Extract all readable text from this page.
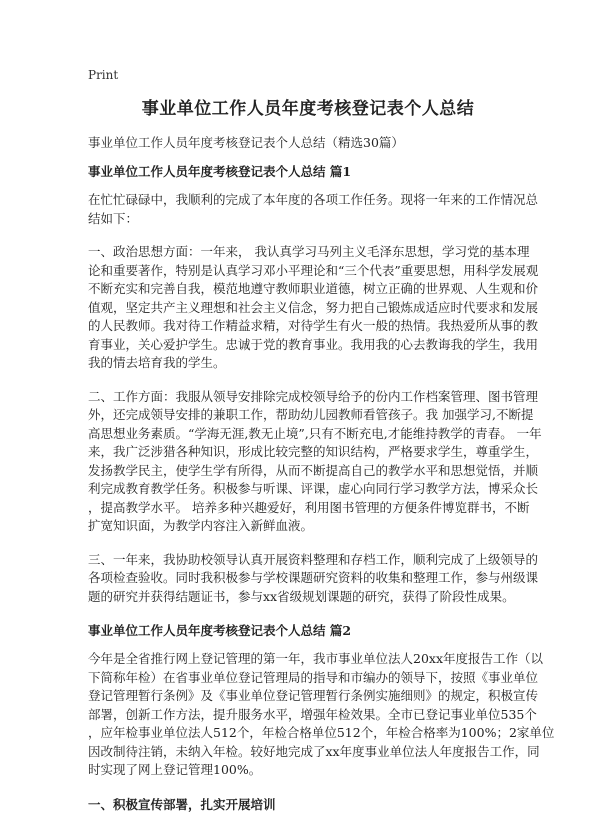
Print
事业单位工作人员年度考核登记表个人总结
事业单位工作人员年度考核登记表个人总结（精选30篇）
事业单位工作人员年度考核登记表个人总结 篇1
在忙忙碌碌中，我顺利的完成了本年度的各项工作任务。现将一年来的工作情况总
结如下：
一、政治思想方面：一年来， 我认真学习马列主义毛泽东思想，学习党的基本理
论和重要著作，特别是认真学习邓小平理论和“三个代表”重要思想，用科学发展观
不断充实和完善自我，模范地遵守教师职业道德，树立正确的世界观、人生观和价
值观，坚定共产主义理想和社会主义信念，努力把自己锻炼成适应时代要求和发展
的人民教师。我对待工作精益求精，对待学生有火一般的热情。我热爱所从事的教
育事业，关心爱护学生。忠诚于党的教育事业。我用我的心去教诲我的学生，我用
我的情去培育我的学生。
二、工作方面：我服从领导安排除完成校领导给予的份内工作档案管理、图书管理
外，还完成领导安排的兼职工作，帮助幼儿园教师看管孩子。我 加强学习,不断提
高思想业务素质。“学海无涯,教无止境”,只有不断充电,才能维持教学的青春。 一年
来，我广泛涉猎各种知识，形成比较完整的知识结构，严格要求学生，尊重学生，
发扬教学民主，使学生学有所得，从而不断提高自己的教学水平和思想觉悟，并顺
利完成教育教学任务。积极参与听课、评课，虚心向同行学习教学方法，博采众长
，提高教学水平。 培养多种兴趣爱好，利用图书管理的方便条件博览群书，不断
扩宽知识面，为教学内容注入新鲜血液。
三、一年来，我协助校领导认真开展资料整理和存档工作，顺利完成了上级领导的
各项检查验收。同时我积极参与学校课题研究资料的收集和整理工作，参与州级课
题的研究并获得结题证书，参与xx省级规划课题的研究，获得了阶段性成果。
事业单位工作人员年度考核登记表个人总结 篇2
今年是全省推行网上登记管理的第一年，我市事业单位法人20xx年度报告工作（以
下简称年检）在省事业单位登记管理局的指导和市编办的领导下，按照《事业单位
登记管理暂行条例》及《事业单位登记管理暂行条例实施细则》的规定，积极宣传
部署，创新工作方法，提升服务水平，增强年检效果。全市已登记事业单位535个
，应年检事业单位法人512个，年检合格单位512个，年检合格率为100%；2家单位
因改制待注销，未纳入年检。较好地完成了xx年度事业单位法人年度报告工作，同
时实现了网上登记管理100%。
一、积极宣传部署，扎实开展培训
